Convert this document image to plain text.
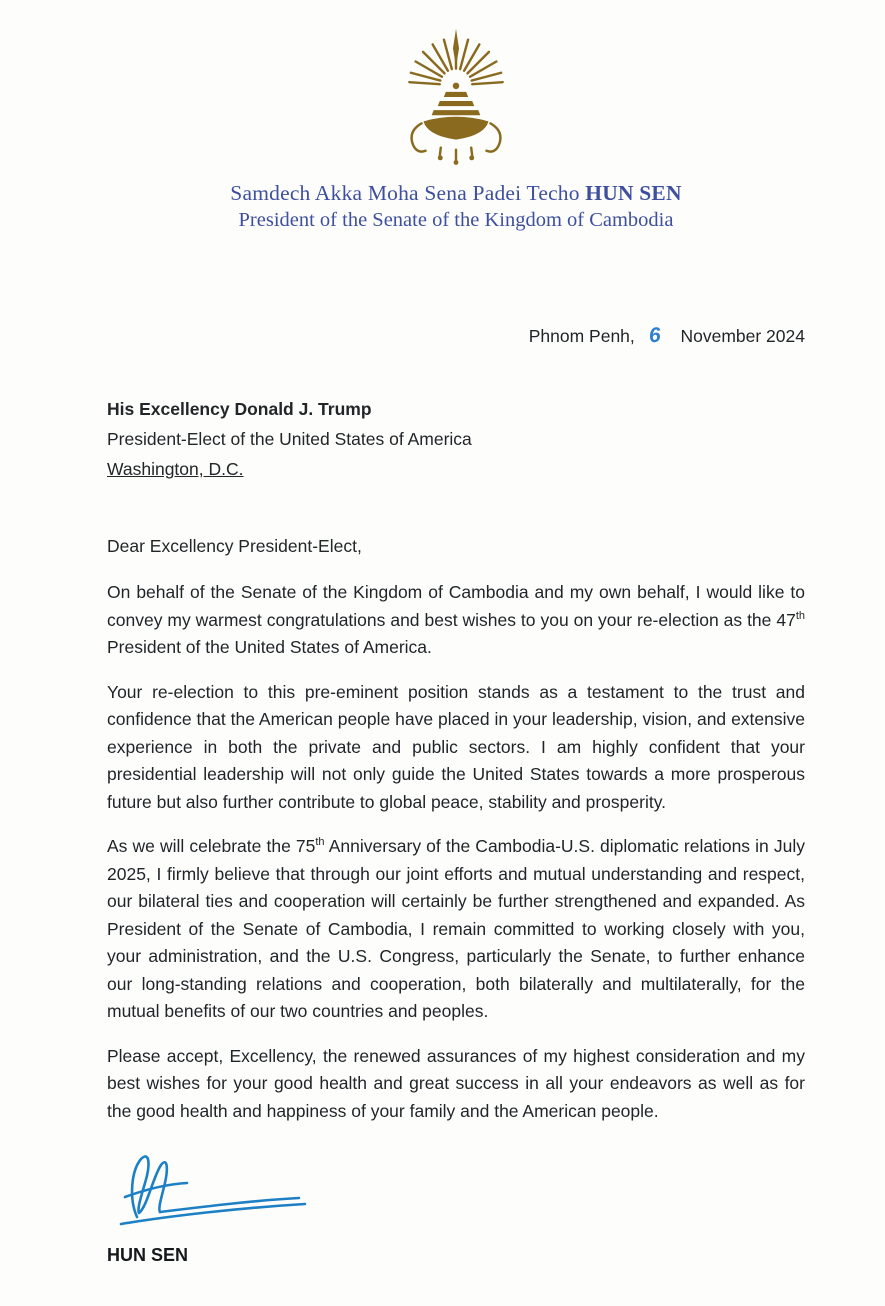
Samdech Akka Moha Sena Padei Techo HUN SEN
President of the Senate of the Kingdom of Cambodia
Phnom Penh, 6 November 2024
His Excellency Donald J. Trump
President-Elect of the United States of America
Washington, D.C.
Dear Excellency President-Elect,

On behalf of the Senate of the Kingdom of Cambodia and my own behalf, I would like to convey my warmest congratulations and best wishes to you on your re-election as the 47th President of the United States of America.

Your re-election to this pre-eminent position stands as a testament to the trust and confidence that the American people have placed in your leadership, vision, and extensive experience in both the private and public sectors. I am highly confident that your presidential leadership will not only guide the United States towards a more prosperous future but also further contribute to global peace, stability and prosperity.

As we will celebrate the 75th Anniversary of the Cambodia-U.S. diplomatic relations in July 2025, I firmly believe that through our joint efforts and mutual understanding and respect, our bilateral ties and cooperation will certainly be further strengthened and expanded. As President of the Senate of Cambodia, I remain committed to working closely with you, your administration, and the U.S. Congress, particularly the Senate, to further enhance our long-standing relations and cooperation, both bilaterally and multilaterally, for the mutual benefits of our two countries and peoples.

Please accept, Excellency, the renewed assurances of my highest consideration and my best wishes for your good health and great success in all your endeavors as well as for the good health and happiness of your family and the American people.

HUN SEN
